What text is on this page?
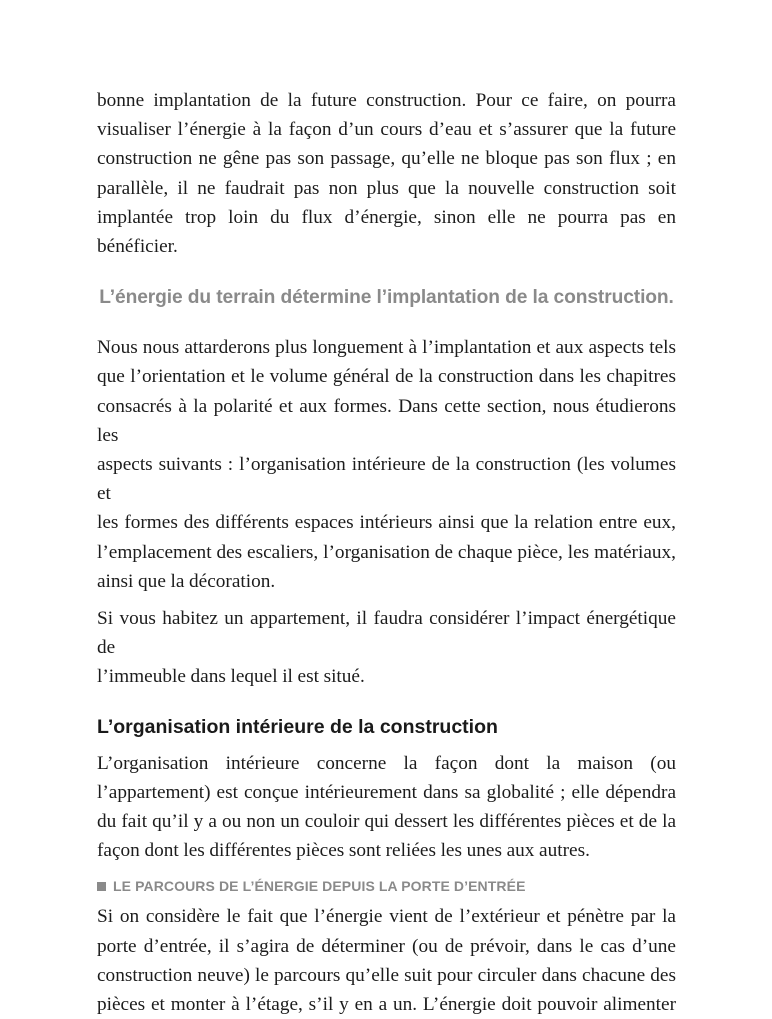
bonne implantation de la future construction. Pour ce faire, on pourra
visualiser l’énergie à la façon d’un cours d’eau et s’assurer que la future
construction ne gêne pas son passage, qu’elle ne bloque pas son flux ; en
parallèle, il ne faudrait pas non plus que la nouvelle construction soit
implantée trop loin du flux d’énergie, sinon elle ne pourra pas en bénéficier.

L’énergie du terrain détermine l’implantation de la construction.

Nous nous attarderons plus longuement à l’implantation et aux aspects tels
que l’orientation et le volume général de la construction dans les chapitres
consacrés à la polarité et aux formes. Dans cette section, nous étudierons les
aspects suivants : l’organisation intérieure de la construction (les volumes et
les formes des différents espaces intérieurs ainsi que la relation entre eux,
l’emplacement des escaliers, l’organisation de chaque pièce, les matériaux,
ainsi que la décoration.

Si vous habitez un appartement, il faudra considérer l’impact énergétique de
l’immeuble dans lequel il est situé.

L’organisation intérieure de la construction

L’organisation intérieure concerne la façon dont la maison (ou
l’appartement) est conçue intérieurement dans sa globalité ; elle dépendra
du fait qu’il y a ou non un couloir qui dessert les différentes pièces et de la
façon dont les différentes pièces sont reliées les unes aux autres.

LE PARCOURS DE L’ÉNERGIE DEPUIS LA PORTE D’ENTRÉE

Si on considère le fait que l’énergie vient de l’extérieur et pénètre par la
porte d’entrée, il s’agira de déterminer (ou de prévoir, dans le cas d’une
construction neuve) le parcours qu’elle suit pour circuler dans chacune des
pièces et monter à l’étage, s’il y en a un. L’énergie doit pouvoir alimenter
